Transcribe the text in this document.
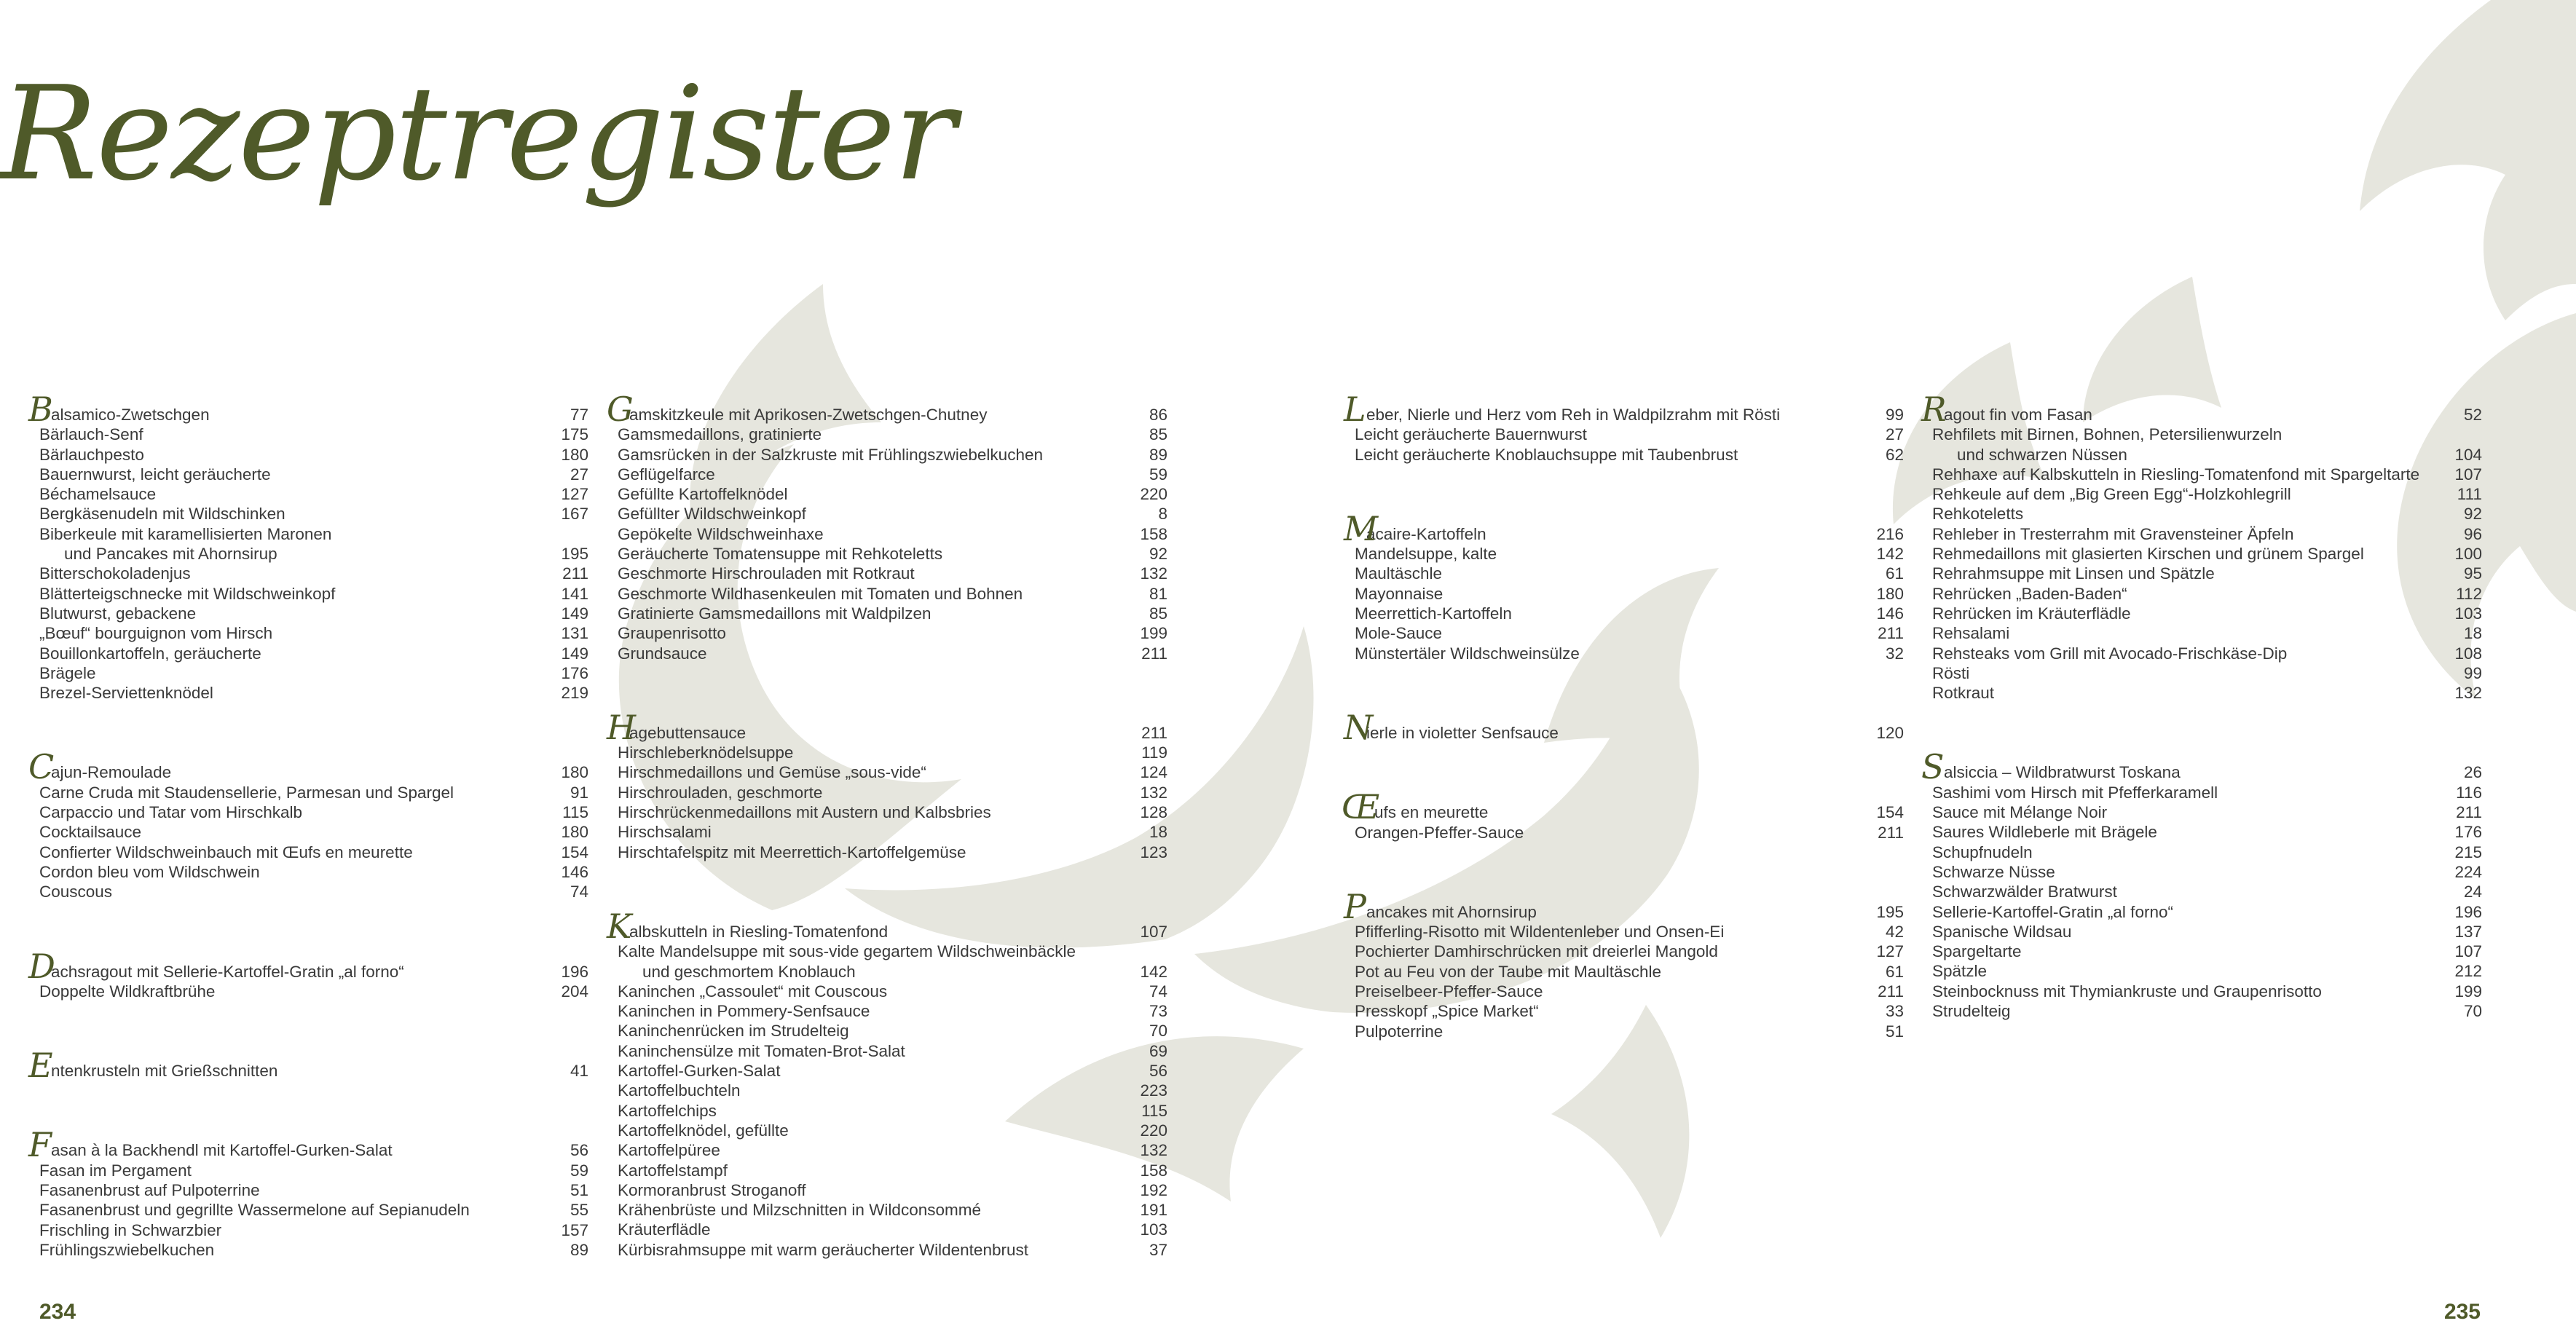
Rezeptregister
B
alsamico-Zwetschgen	77
Bärlauch-Senf	175
Bärlauchpesto	180
Bauernwurst, leicht geräucherte	27
Béchamelsauce	127
Bergkäsenudeln mit Wildschinken	167
Biberkeule mit karamellisierten Maronen
und Pancakes mit Ahornsirup	195
Bitterschokoladenjus	211
Blätterteigschnecke mit Wildschweinkopf	141
Blutwurst, gebackene	149
„Bœuf“ bourguignon vom Hirsch	131
Bouillonkartoffeln, geräucherte	149
Brägele	176
Brezel-Serviettenknödel	219
C
ajun-Remoulade	180
Carne Cruda mit Staudensellerie, Parmesan und Spargel	91
Carpaccio und Tatar vom Hirschkalb	115
Cocktailsauce	180
Confierter Wildschweinbauch mit Œufs en meurette	154
Cordon bleu vom Wildschwein	146
Couscous	74
D
achsragout mit Sellerie-Kartoffel-Gratin „al forno“	196
Doppelte Wildkraftbrühe	204
E
ntenkrusteln mit Grießschnitten	41
F asan à la Backhendl mit Kartoffel-Gurken-Salat	56
Fasan im Pergament	59
Fasanenbrust auf Pulpoterrine	51
Fasanenbrust und gegrillte Wassermelone auf Sepianudeln	55
Frischling in Schwarzbier	157
Frühlingszwiebelkuchen	89
G
amskitzkeule mit Aprikosen-Zwetschgen-Chutney	86
Gamsmedaillons, gratinierte	85
Gamsrücken in der Salzkruste mit Frühlingszwiebelkuchen	89
Geflügelfarce	59
Gefüllte Kartoffelknödel	220
Gefüllter Wildschweinkopf	8
Gepökelte Wildschweinhaxe	158
Geräucherte Tomatensuppe mit Rehkoteletts	92
Geschmorte Hirschrouladen mit Rotkraut	132
Geschmorte Wildhasenkeulen mit Tomaten und Bohnen	81
Gratinierte Gamsmedaillons mit Waldpilzen	85
Graupenrisotto	199
Grundsauce	211
H
agebuttensauce	211
Hirschleberknödelsuppe	119
Hirschmedaillons und Gemüse „sous-vide“	124
Hirschrouladen, geschmorte	132
Hirschrückenmedaillons mit Austern und Kalbsbries	128
Hirschsalami	18
Hirschtafelspitz mit Meerrettich-Kartoffelgemüse	123
K
albskutteln in Riesling-Tomatenfond	107
Kalte Mandelsuppe mit sous-vide gegartem Wildschweinbäckle
und geschmortem Knoblauch	142
Kaninchen „Cassoulet“ mit Couscous	74
Kaninchen in Pommery-Senfsauce	73
Kaninchenrücken im Strudelteig	70
Kaninchensülze mit Tomaten-Brot-Salat	69
Kartoffel-Gurken-Salat	56
Kartoffelbuchteln	223
Kartoffelchips	115
Kartoffelknödel, gefüllte	220
Kartoffelpüree	132
Kartoffelstampf	158
Kormoranbrust Stroganoff	192
Krähenbrüste und Milzschnitten in Wildconsommé	191
Kräuterflädle	103
Kürbisrahmsuppe mit warm geräucherter Wildentenbrust	37
L eber, Nierle und Herz vom Reh in Waldpilzrahm mit Rösti	99
Leicht geräucherte Bauernwurst	27
Leicht geräucherte Knoblauchsuppe mit Taubenbrust	62
M
acaire-Kartoffeln	216
Mandelsuppe, kalte	142
Maultäschle	61
Mayonnaise	180
Meerrettich-Kartoffeln	146
Mole-Sauce	211
Münstertäler Wildschweinsülze	32
N
ierle in violetter Senfsauce	120
Œ
ufs en meurette	154
Orangen-Pfeffer-Sauce	211
P ancakes mit Ahornsirup	195
Pfifferling-Risotto mit Wildentenleber und Onsen-Ei	42
Pochierter Damhirschrücken mit dreierlei Mangold	127
Pot au Feu von der Taube mit Maultäschle	61
Preiselbeer-Pfeffer-Sauce	211
Presskopf „Spice Market“	33
Pulpoterrine	51
R
agout fin vom Fasan	52
Rehfilets mit Birnen, Bohnen, Petersilienwurzeln
und schwarzen Nüssen	104
Rehhaxe auf Kalbskutteln in Riesling-Tomatenfond mit Spargeltarte 107
Rehkeule auf dem „Big Green Egg“-Holzkohlegrill	111
Rehkoteletts	92
Rehleber in Tresterrahm mit Gravensteiner Äpfeln	96
Rehmedaillons mit glasierten Kirschen und grünem Spargel	100
Rehrahmsuppe mit Linsen und Spätzle	95
Rehrücken „Baden-Baden“	112
Rehrücken im Kräuterflädle	103
Rehsalami	18
Rehsteaks vom Grill mit Avocado-Frischkäse-Dip	108
Rösti	99
Rotkraut	132
S alsiccia – Wildbratwurst Toskana	26
Sashimi vom Hirsch mit Pfefferkaramell	116
Sauce mit Mélange Noir	211
Saures Wildleberle mit Brägele	176
Schupfnudeln	215
Schwarze Nüsse	224
Schwarzwälder Bratwurst	24
Sellerie-Kartoffel-Gratin „al forno“	196
Spanische Wildsau	137
Spargeltarte	107
Spätzle	212
Steinbocknuss mit Thymiankruste und Graupenrisotto	199
Strudelteig	70
234	235
